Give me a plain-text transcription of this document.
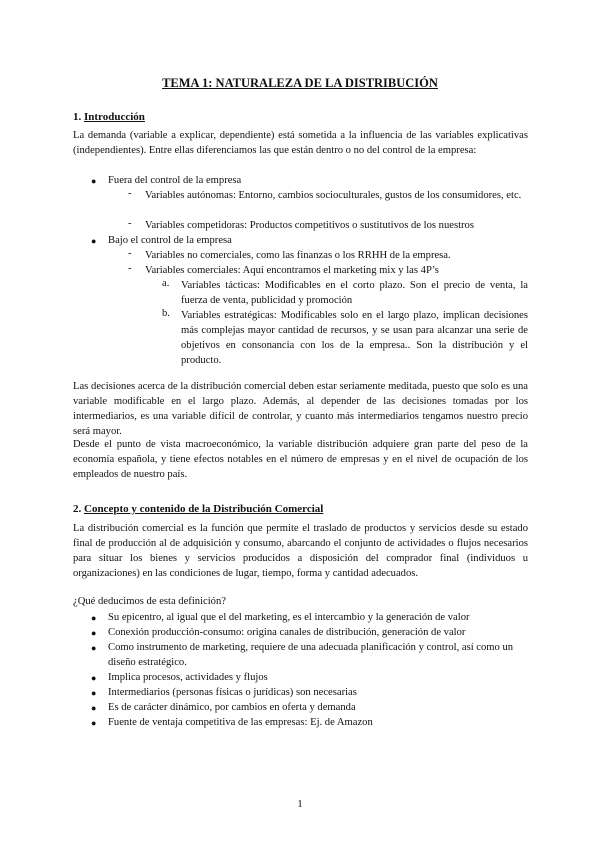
TEMA 1: NATURALEZA DE LA DISTRIBUCIÓN
1. Introducción
La demanda (variable a explicar, dependiente) está sometida a la influencia de las variables explicativas (independientes). Entre ellas diferenciamos las que están dentro o no del control de la empresa:
● Fuera del control de la empresa
- Variables autónomas: Entorno, cambios socioculturales, gustos de los consumidores, etc.
- Variables competidoras: Productos competitivos o sustitutivos de los nuestros
● Bajo el control de la empresa
- Variables no comerciales, como las finanzas o los RRHH de la empresa.
- Variables comerciales: Aquí encontramos el marketing mix y las 4P’s
a. Variables tácticas: Modificables en el corto plazo. Son el precio de venta, la fuerza de venta, publicidad y promoción
b. Variables estratégicas: Modificables solo en el largo plazo, implican decisiones más complejas mayor cantidad de recursos, y se usan para alcanzar una serie de objetivos en consonancia con los de la empresa.. Son la distribución y el producto.
Las decisiones acerca de la distribución comercial deben estar seriamente meditada, puesto que solo es una variable modificable en el largo plazo. Además, al depender de las decisiones tomadas por los intermediarios, es una variable difícil de controlar, y cuanto más intermediarios tengamos nuestro precio será mayor.
Desde el punto de vista macroeconómico, la variable distribución adquiere gran parte del peso de la economía española, y tiene efectos notables en el número de empresas y en el nivel de ocupación de los empleados de nuestro país.
2. Concepto y contenido de la Distribución Comercial
La distribución comercial es la función que permite el traslado de productos y servicios desde su estado final de producción al de adquisición y consumo, abarcando el conjunto de actividades o flujos necesarios para situar los bienes y servicios producidos a disposición del comprador final (individuos u organizaciones) en las condiciones de lugar, tiempo, forma y cantidad adecuados.
¿Qué deducimos de esta definición?
● Su epicentro, al igual que el del marketing, es el intercambio y la generación de valor
● Conexión producción-consumo: origina canales de distribución, generación de valor
● Como instrumento de marketing, requiere de una adecuada planificación y control, así como un diseño estratégico.
● Implica procesos, actividades y flujos
● Intermediarios (personas físicas o jurídicas) son necesarias
● Es de carácter dinámico, por cambios en oferta y demanda
● Fuente de ventaja competitiva de las empresas: Ej. de Amazon
1
